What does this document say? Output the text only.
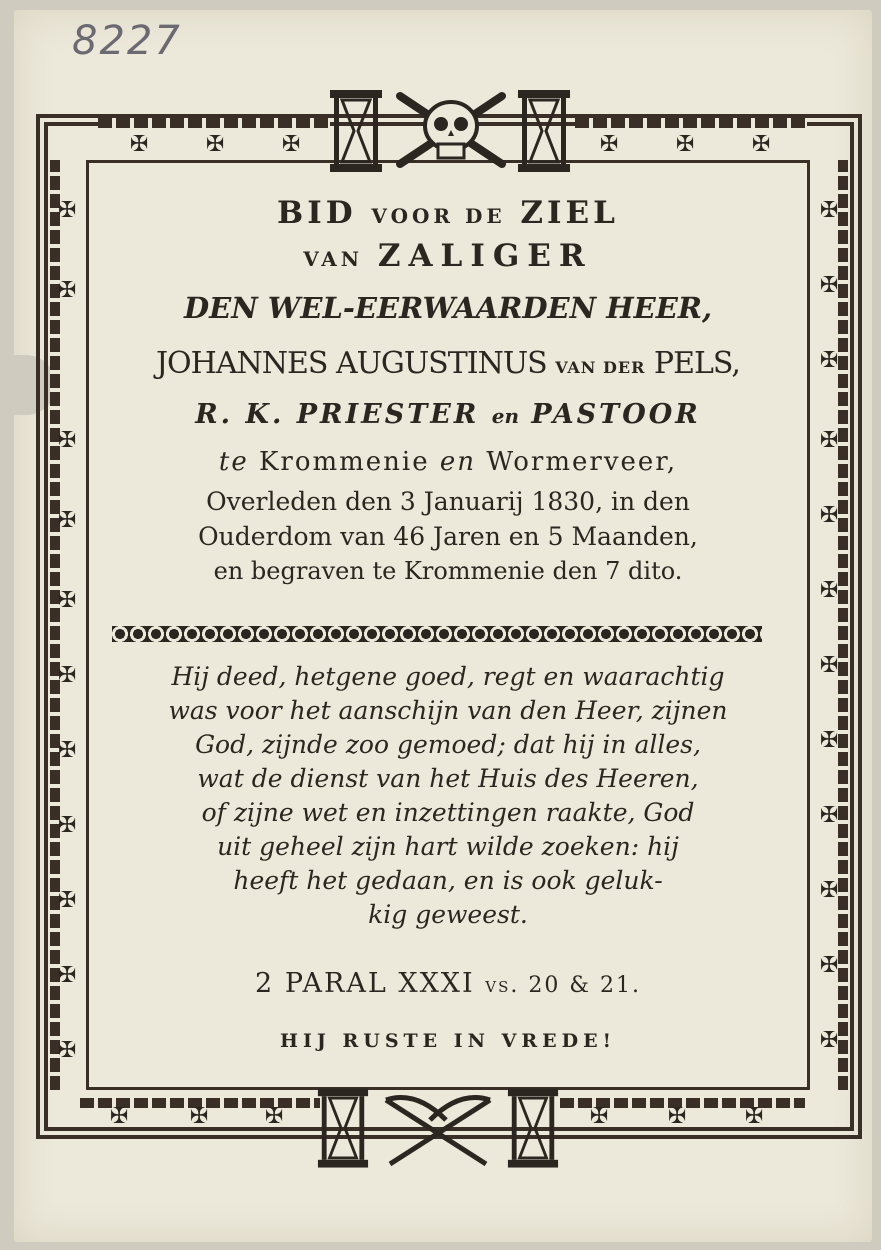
8227
✠	✠	✠	✠	✠	✠
✠	✠	✠	✠	✠	✠
✠
✠
✠
✠
✠
✠
✠
✠
✠
✠
✠
✠
✠
✠
✠
✠
✠
✠
✠
✠
✠
✠
✠

BID VOOR DE ZIEL

VAN ZALIGER

DEN WEL-EERWAARDEN HEER,

JOHANNES AUGUSTINUS VAN DER PELS,

R. K. PRIESTER en PASTOOR

te Krommenie en Wormerveer,

Overleden den 3 Januarij 1830, in den

Ouderdom van 46 Jaren en 5 Maanden,

en begraven te Krommenie den 7 dito.

Hij deed, hetgene goed, regt en waarachtig

was voor het aanschijn van den Heer, zijnen

God, zijnde zoo gemoed; dat hij in alles,

wat de dienst van het Huis des Heeren,

of zijne wet en inzettingen raakte, God

uit geheel zijn hart wilde zoeken: hij

heeft het gedaan, en is ook geluk-

kig geweest.

2 PARAL XXXI vs. 20 & 21.

HIJ RUSTE IN VREDE!
